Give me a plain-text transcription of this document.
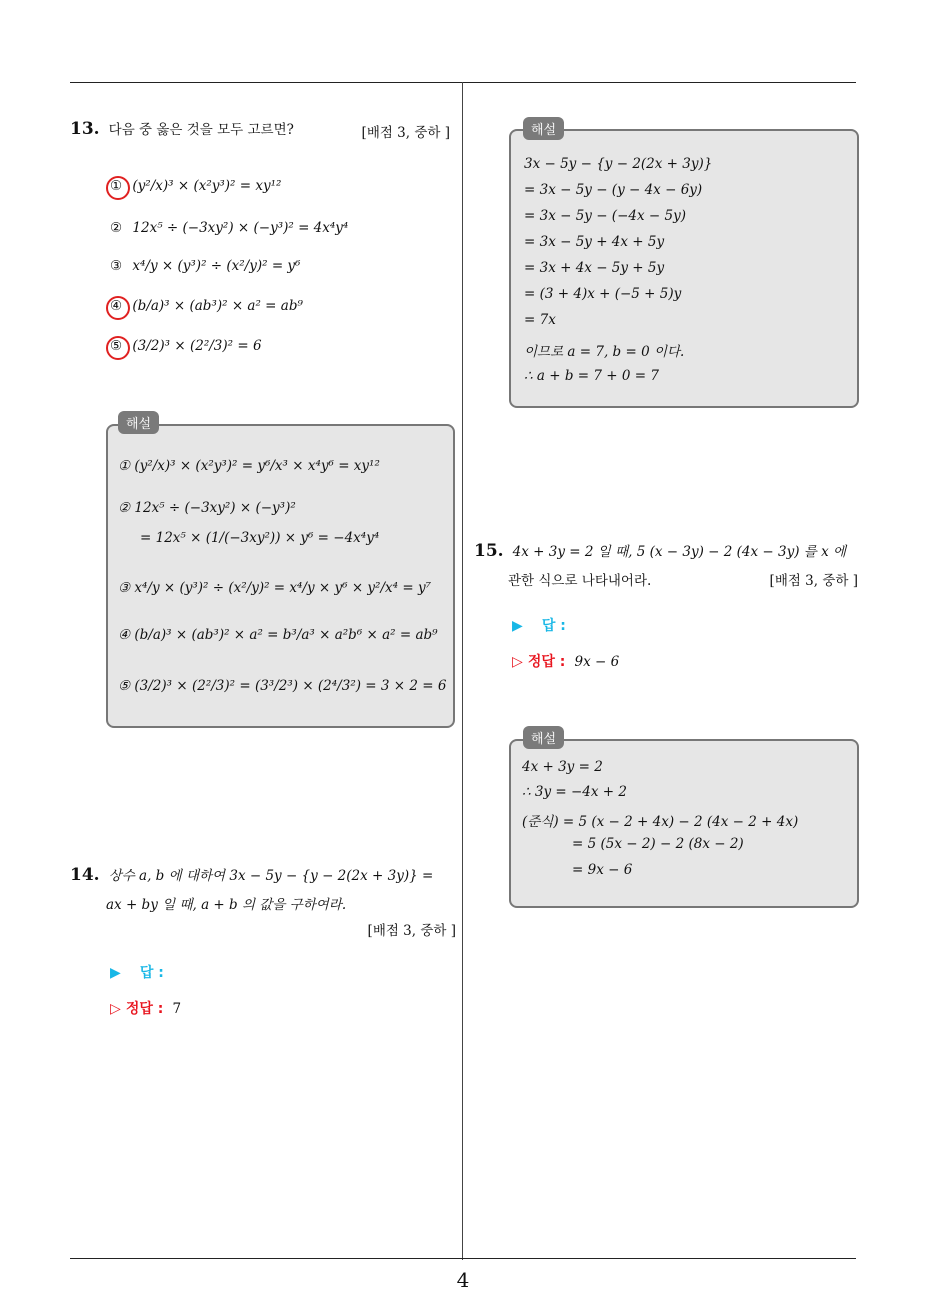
13. 다음 중 옳은 것을 모두 고르면?	[배점 3, 중하 ]
① (y²/x)³ × (x²y³)² = xy¹²
② 12x⁵ ÷ (−3xy²) × (−y³)² = 4x⁴y⁴
③ x⁴/y × (y³)² ÷ (x²/y)² = y⁶
④ (b/a)³ × (ab³)² × a² = ab⁹
⑤ (3/2)³ × (2²/3)² = 6
해설
① (y²/x)³ × (x²y³)² = y⁶/x³ × x⁴y⁶ = xy¹²
② 12x⁵ ÷ (−3xy²) × (−y³)²
= 12x⁵ × (1/(−3xy²)) × y⁶ = −4x⁴y⁴
③ x⁴/y × (y³)² ÷ (x²/y)² = x⁴/y × y⁶ × y²/x⁴ = y⁷
④ (b/a)³ × (ab³)² × a² = b³/a³ × a²b⁶ × a² = ab⁹
⑤ (3/2)³ × (2²/3)² = (3³/2³) × (2⁴/3²) = 3 × 2 = 6
14. 상수 a, b 에 대하여 3x − 5y − {y − 2(2x + 3y)} =
ax + by 일 때, a + b 의 값을 구하여라.
[배점 3, 중하 ]
▶ 답 :
▷ 정답 : 7
해설
3x − 5y − {y − 2(2x + 3y)}
= 3x − 5y − (y − 4x − 6y)
= 3x − 5y − (−4x − 5y)
= 3x − 5y + 4x + 5y
= 3x + 4x − 5y + 5y
= (3 + 4)x + (−5 + 5)y
= 7x
이므로 a = 7, b = 0 이다.
∴ a + b = 7 + 0 = 7
15. 4x + 3y = 2 일 때, 5 (x − 3y) − 2 (4x − 3y) 를 x 에
관한 식으로 나타내어라.	[배점 3, 중하 ]
▶ 답 :
▷ 정답 : 9x − 6
해설
4x + 3y = 2
∴ 3y = −4x + 2
(준식) = 5 (x − 2 + 4x) − 2 (4x − 2 + 4x)
= 5 (5x − 2) − 2 (8x − 2)
= 9x − 6
4
